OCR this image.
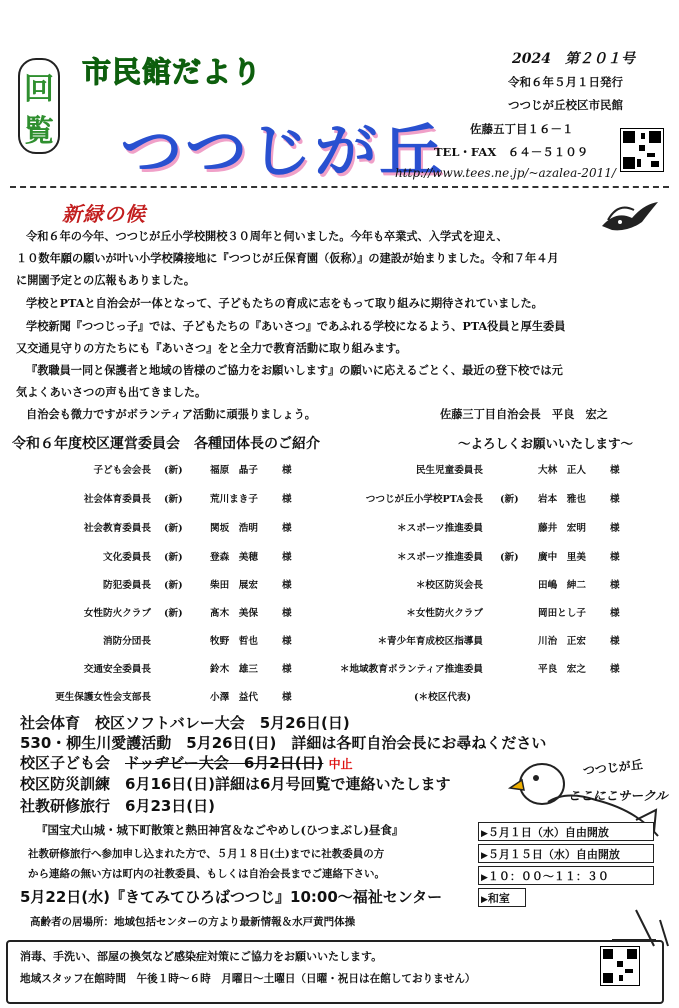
回
覧
市民館だより
つつじが丘
2024　第２０１号
令和６年５月１日発行
つつじが丘校区市民館
佐藤五丁目１６－１
TEL・FAX　６４－５１０９
http://www.tees.ne.jp/~azalea-2011/
新緑の候
令和６年の今年、つつじが丘小学校開校３０周年と伺いました。今年も卒業式、入学式を迎え、
１０数年願の願いが叶い小学校隣接地に『つつじが丘保育園（仮称）』の建設が始まりました。令和７年４月
に開園予定との広報もありました。
学校とPTAと自治会が一体となって、子どもたちの育成に志をもって取り組みに期待されていました。
学校新聞『つつじっ子』では、子どもたちの『あいさつ』であふれる学校になるよう、PTA役員と厚生委員
又交通見守りの方たちにも『あいさつ』をと全力で教育活動に取り組みます。
『教職員一同と保護者と地域の皆様のご協力をお願いします』の願いに応えるごとく、最近の登下校では元
気よくあいさつの声も出てきました。
自治会も微力ですがボランティア活動に頑張りましょう。	佐藤三丁目自治会長　平良　宏之
令和６年度校区運営委員会　各種団体長のご紹介	～よろしくお願いいたします～
子ども会会長 (新)	福原　晶子	様
社会体育委員長 (新)	荒川まき子	様
社会教育委員長 (新)	関坂　浩明	様
文化委員長 (新)	登森　美穂	様
防犯委員長 (新)	柴田　展宏	様
女性防火クラブ (新)	髙木　美保	様
消防分団長	牧野　哲也	様
交通安全委員長	鈴木　雄三	様
更生保護女性会支部長	小澤　益代	様
民生児童委員長	大林　正人	様
つつじが丘小学校PTA会長 (新) 岩本　雅也	様
＊スポーツ推進委員	藤井　宏明	様
＊スポーツ推進委員 (新) 廣中　里美	様
＊校区防災会長	田嶋　紳二	様
＊女性防火クラブ	岡田とし子	様
＊青少年育成校区指導員	川治　正宏	様
＊地域教育ボランティア推進委員	平良　宏之	様
(＊校区代表)
社会体育　校区ソフトバレー大会　5月26日(日)
530・柳生川愛護活動　5月26日(日)　詳細は各町自治会長にお尋ねください
校区子ども会　ドッヂビー大会　6月2日(日) 中止
校区防災訓練　6月16日(日)詳細は6月号回覧で連絡いたします
社教研修旅行　6月23日(日)
『国宝犬山城・城下町散策と熱田神宮＆なごやめし(ひつまぶし)昼食』
社教研修旅行へ参加申し込まれた方で、５月１８日(土)までに社教委員の方
から連絡の無い方は町内の社教委員、もしくは自治会長までご連絡下さい。
5月22日(水)『きてみてひろばつつじ』10:00～福祉センター
高齢者の居場所：地域包括センターの方より最新情報＆水戸黄門体操
つつじが丘
ここにこサークル
▶５月１日（水）自由開放
▶５月１５日（水）自由開放
▶１０：００～１１：３０
▶和室
消毒、手洗い、部屋の換気など感染症対策にご協力をお願いいたします。
地域スタッフ在館時間　午後１時～６時　月曜日～土曜日（日曜・祝日は在館しておりません）
